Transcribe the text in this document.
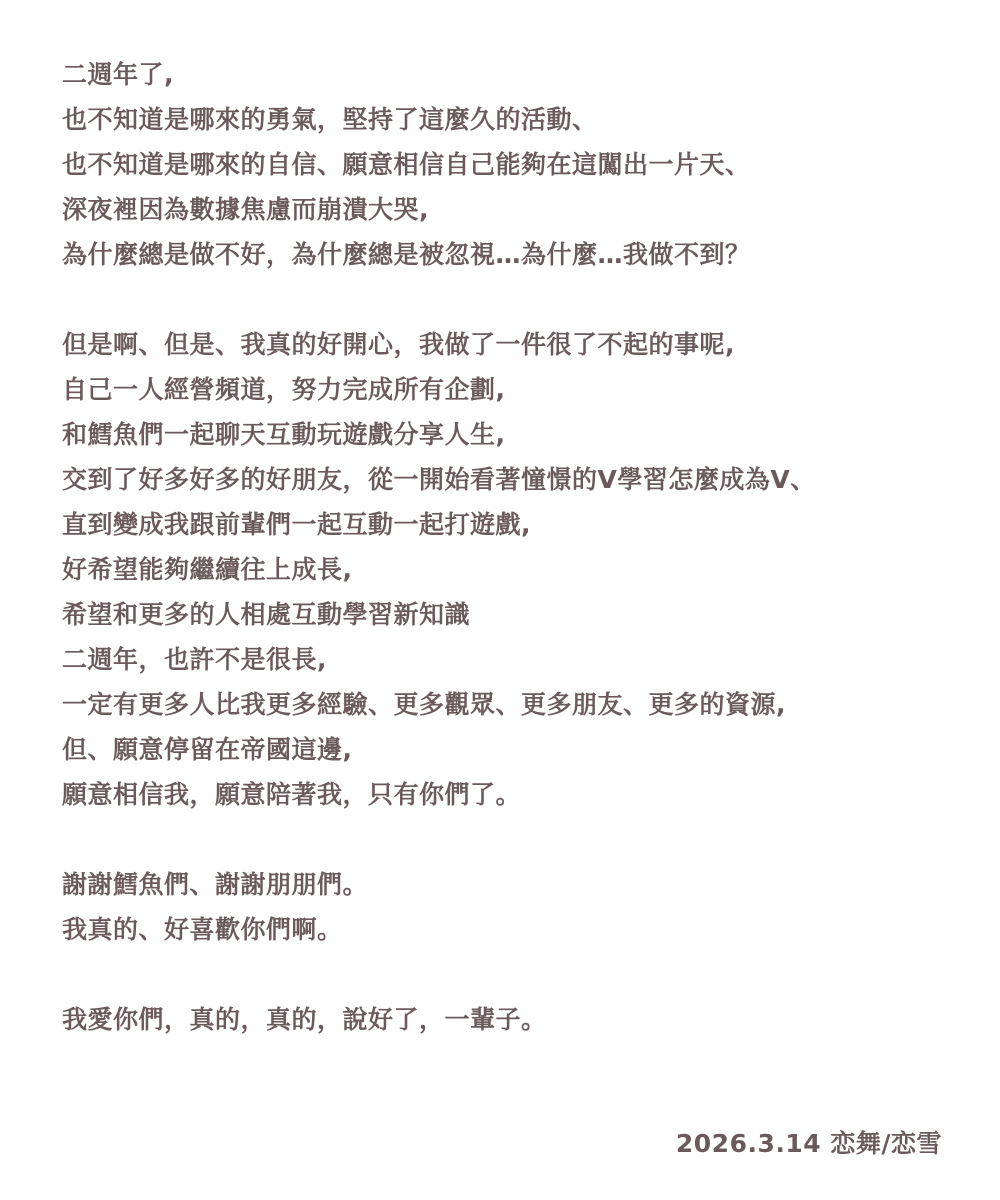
二週年了,
也不知道是哪來的勇氣，堅持了這麼久的活動、
也不知道是哪來的自信、願意相信自己能夠在這闖出一片天、
深夜裡因為數據焦慮而崩潰大哭,
為什麼總是做不好，為什麼總是被忽視…為什麼…我做不到？
但是啊、但是、我真的好開心，我做了一件很了不起的事呢,
自己一人經營頻道，努力完成所有企劃,
和鱈魚們一起聊天互動玩遊戲分享人生,
交到了好多好多的好朋友，從一開始看著憧憬的V學習怎麼成為V、
直到變成我跟前輩們一起互動一起打遊戲,
好希望能夠繼續往上成長,
希望和更多的人相處互動學習新知識
二週年，也許不是很長,
一定有更多人比我更多經驗、更多觀眾、更多朋友、更多的資源,
但、願意停留在帝國這邊,
願意相信我，願意陪著我，只有你們了。
謝謝鱈魚們、謝謝朋朋們。
我真的、好喜歡你們啊。
我愛你們，真的，真的，說好了，一輩子。
2026.3.14 恋舞/恋雪
